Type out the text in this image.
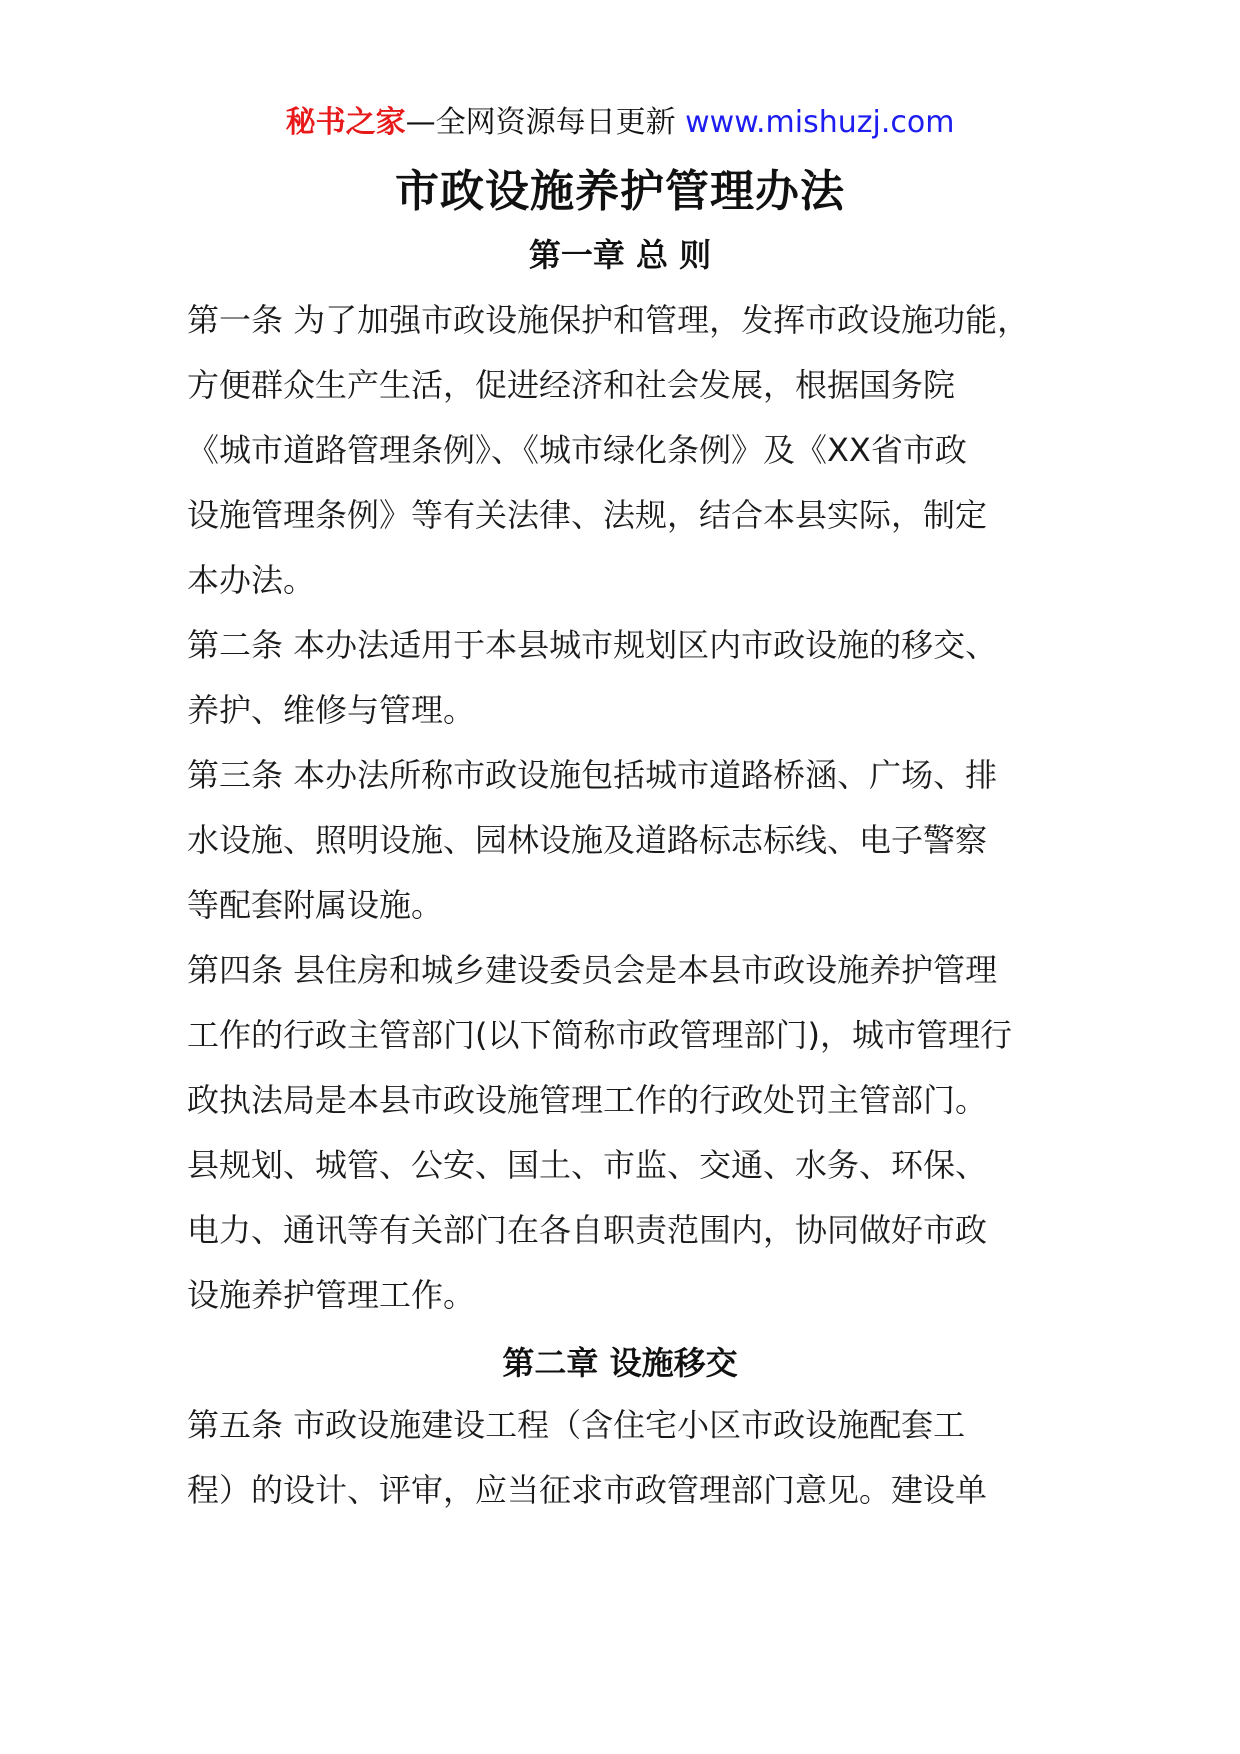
秘书之家—全网资源每日更新 www.mishuzj.com
市政设施养护管理办法
第一章 总 则
第一条 为了加强市政设施保护和管理，发挥市政设施功能，
方便群众生产生活，促进经济和社会发展，根据国务院
《城市道路管理条例》、《城市绿化条例》及《XX省市政
设施管理条例》等有关法律、法规，结合本县实际，制定
本办法。
第二条 本办法适用于本县城市规划区内市政设施的移交、
养护、维修与管理。
第三条 本办法所称市政设施包括城市道路桥涵、广场、排
水设施、照明设施、园林设施及道路标志标线、电子警察
等配套附属设施。
第四条 县住房和城乡建设委员会是本县市政设施养护管理
工作的行政主管部门(以下简称市政管理部门)，城市管理行
政执法局是本县市政设施管理工作的行政处罚主管部门。
县规划、城管、公安、国土、市监、交通、水务、环保、
电力、通讯等有关部门在各自职责范围内，协同做好市政
设施养护管理工作。
第二章 设施移交
第五条 市政设施建设工程（含住宅小区市政设施配套工
程）的设计、评审，应当征求市政管理部门意见。建设单
